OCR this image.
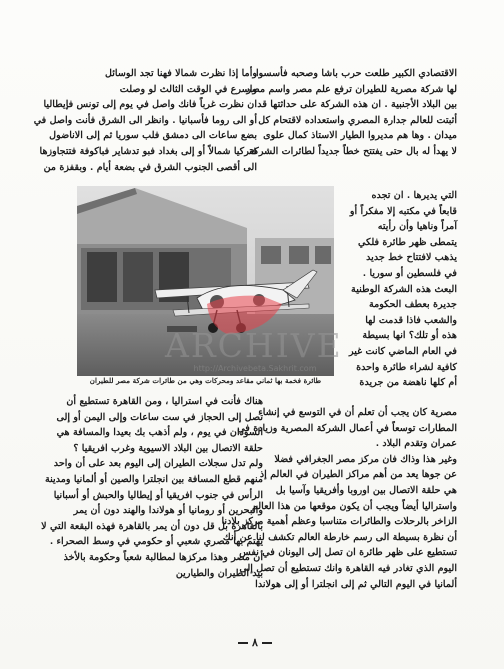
الاقتصادي الكبير طلعت حرب باشا وصحبه فأسسوا
لها شركة مصرية للطيران ترفع علم مصر واسم مصر
بين البلاد الأجنبية . ان هذه الشركة على حداثتها قد
أثبتت للعالم جدارة المصري واستعداده لاقتحام كل
ميدان . وها هم مديروا الطيار الاستاذ كمال علوى
لا يهدأ له بال حتى يفتتح خطاً جديداً لطائرات الشركة
التي يديرها . ان تجده
قابعاً في مكتبه إلا مفكراً أو
آمراً وناهيا وأن رأيته
يتمطى ظهر طائرة فلكي
يذهب لافتتاح خط جديد
في فلسطين أو سوريا .
البعث هذه الشركة الوطنية
جديرة بعطف الحكومة
والشعب فاذا قدمت لها
هذه أو تلك؟ انها بسيطة
في العام الماضي كانت غير
كافية لشراء طائرة واحدة
أم كلها ناهضة من جريدة
وأما إذا نظرت شمالا فهنا تجد الوسائل
واسرع في الوقت الثالث لو وصلت
ان نظرت غرباً فانك واصل في يوم إلى تونس فإيطاليا
أو الى روما فأسبانيا . وانظر الى الشرق فأنت واصل في
بضع ساعات الى دمشق فلب سوريا ثم إلى الاناضول
فتركيا شمالاً أو إلى بغداد فبو تدشاير فباكوفة فتتجاوزها
الى أقصى الجنوب الشرق في بضعة أيام . وبقفزة من
ARCHIVE
http://Archivebeta.Sakhrit.com
طائرة فخمة بها ثماني مقاعد ومحركات وهي من طائرات شركة مصر للطيران
مصرية كان يجب أن تعلم أن في التوسع في إنشاء
المطارات توسعاً في أعمال الشركة المصرية وزيادة في
عمران وتقدم البلاد .
وغير هذا وذاك فان مركز مصر الجغرافي فضلا
عن جوها يعد من أهم مراكز الطيران في العالم إذ
هي حلقة الاتصال بين اوروبا وأفريقيا وآسيا بل
واستراليا أيضاً ويجب أن يكون موقعها من هذا العالم
الزاخر بالرحلات والطائرات متناسبا وعظم أهمية مركز بلادنا
أن نظرة بسيطة الى رسم خارطة العالم تكشف لنا عن أنك
تستطيع على ظهر طائرة ان تصل إلى اليونان في نفس
اليوم الذي تغادر فيه القاهرة وانك تستطيع أن تصل إلى
ألمانيا في اليوم التالي ثم إلى انجلترا أو إلى هولاندا
هناك فأنت في استراليا ، ومن القاهرة تستطيع أن
تصل إلى الحجاز في ست ساعات وإلى اليمن أو إلى
السودان في يوم ، ولم أذهب بك بعيدا والمسافة هي
حلقة الاتصال بين البلاد الاسيوية وغرب افريقيا ؟
ولم تدل سجلات الطيران إلى اليوم بعد على أن واحد
منهم قطع المسافة بين انجلترا والصين أو ألمانيا ومدينة
الرأس في جنوب افريقيا أو إيطاليا والحبش أو أسبانيا
والبحرين أو رومانيا أو هولاندا والهند دون أن يمر
بالقاهرة بل قل دون أن يمر بالقاهرة فهذه البقعة التي لا
يهتم بها مصري شعبي أو حكومي في وسط الصحراء .
أن مصر وهذا مركزها لمطالبة شعباً وحكومة بالأخذ
بيد الطيران والطيارين
٨
